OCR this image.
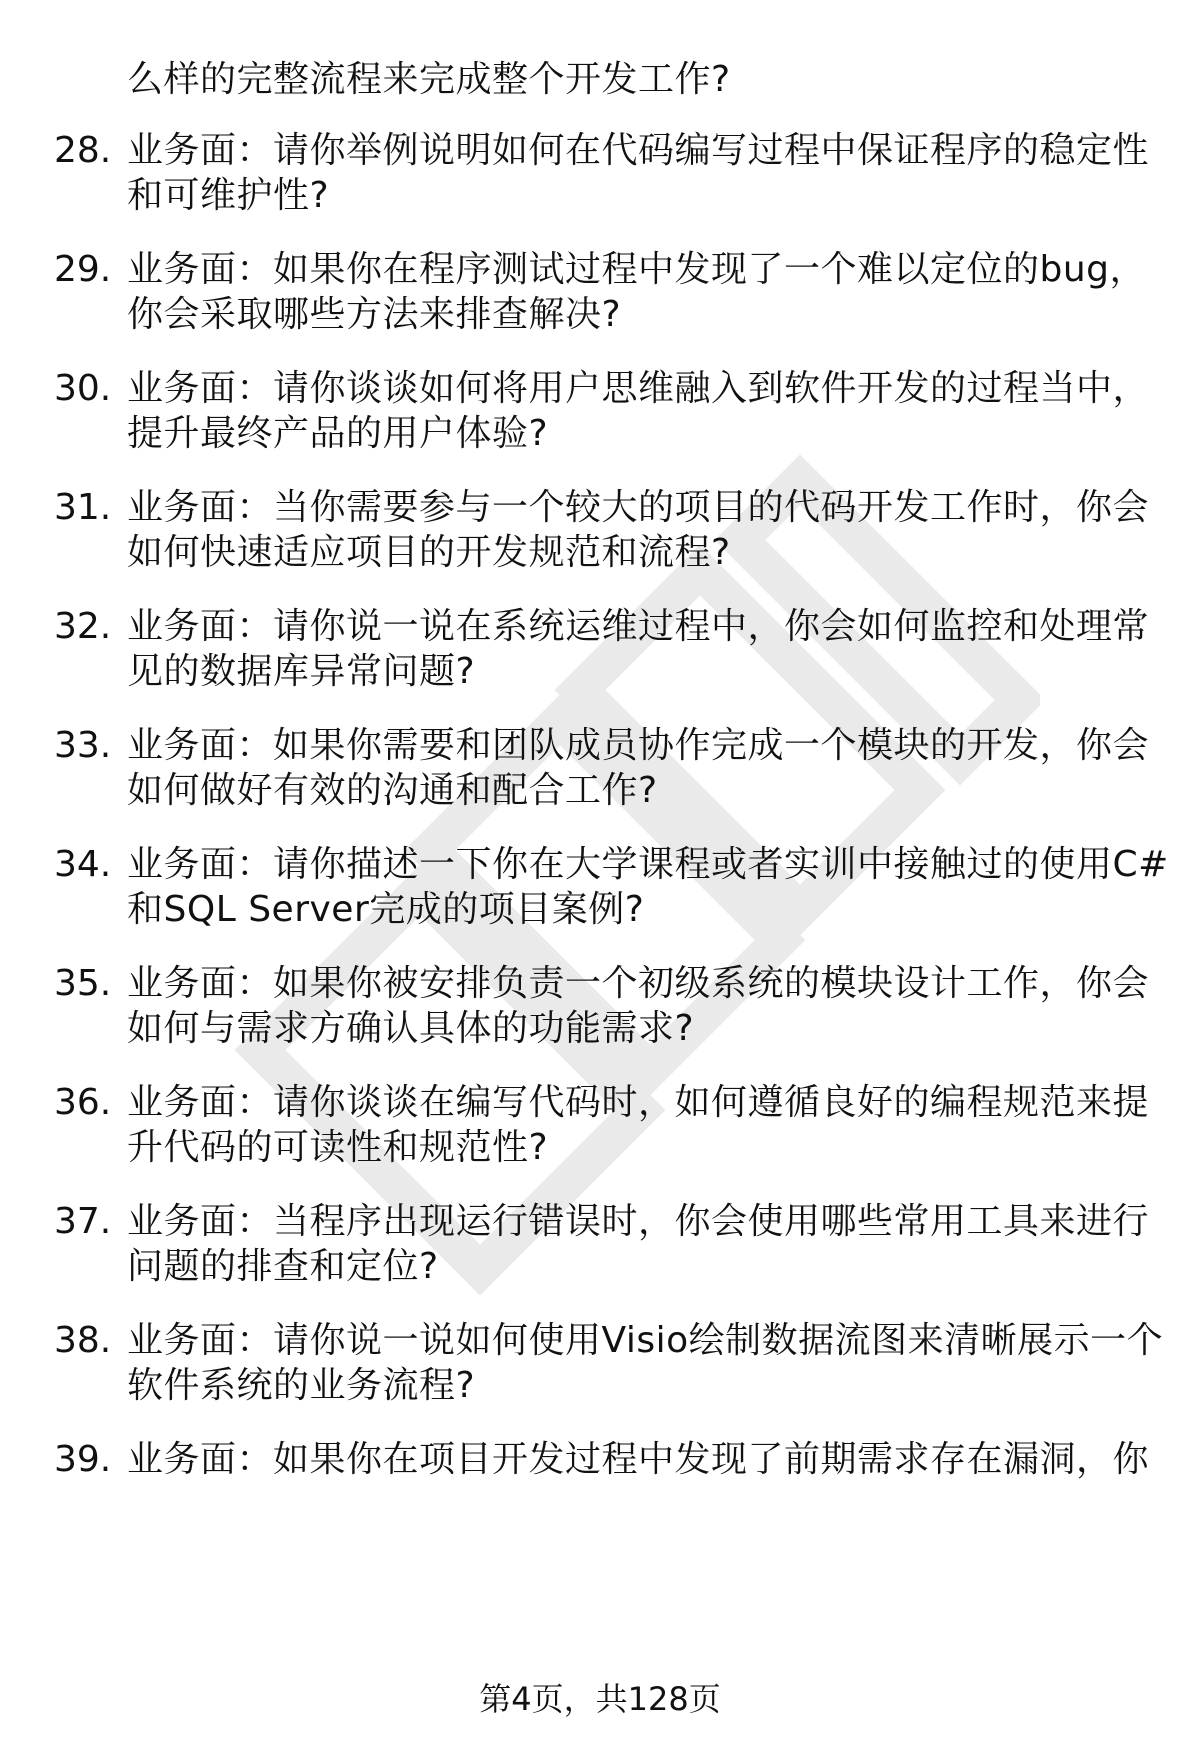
么样的完整流程来完成整个开发工作?
28. 业务面：请你举例说明如何在代码编写过程中保证程序的稳定性
和可维护性?
29. 业务面：如果你在程序测试过程中发现了一个难以定位的bug，
你会采取哪些方法来排查解决?
30. 业务面：请你谈谈如何将用户思维融入到软件开发的过程当中，
提升最终产品的用户体验?
31. 业务面：当你需要参与一个较大的项目的代码开发工作时，你会
如何快速适应项目的开发规范和流程?
32. 业务面：请你说一说在系统运维过程中，你会如何监控和处理常
见的数据库异常问题?
33. 业务面：如果你需要和团队成员协作完成一个模块的开发，你会
如何做好有效的沟通和配合工作?
34. 业务面：请你描述一下你在大学课程或者实训中接触过的使用C#
和SQL Server完成的项目案例?
35. 业务面：如果你被安排负责一个初级系统的模块设计工作，你会
如何与需求方确认具体的功能需求?
36. 业务面：请你谈谈在编写代码时，如何遵循良好的编程规范来提
升代码的可读性和规范性?
37. 业务面：当程序出现运行错误时，你会使用哪些常用工具来进行
问题的排查和定位?
38. 业务面：请你说一说如何使用Visio绘制数据流图来清晰展示一个
软件系统的业务流程?
39. 业务面：如果你在项目开发过程中发现了前期需求存在漏洞，你
第4页，共128页
